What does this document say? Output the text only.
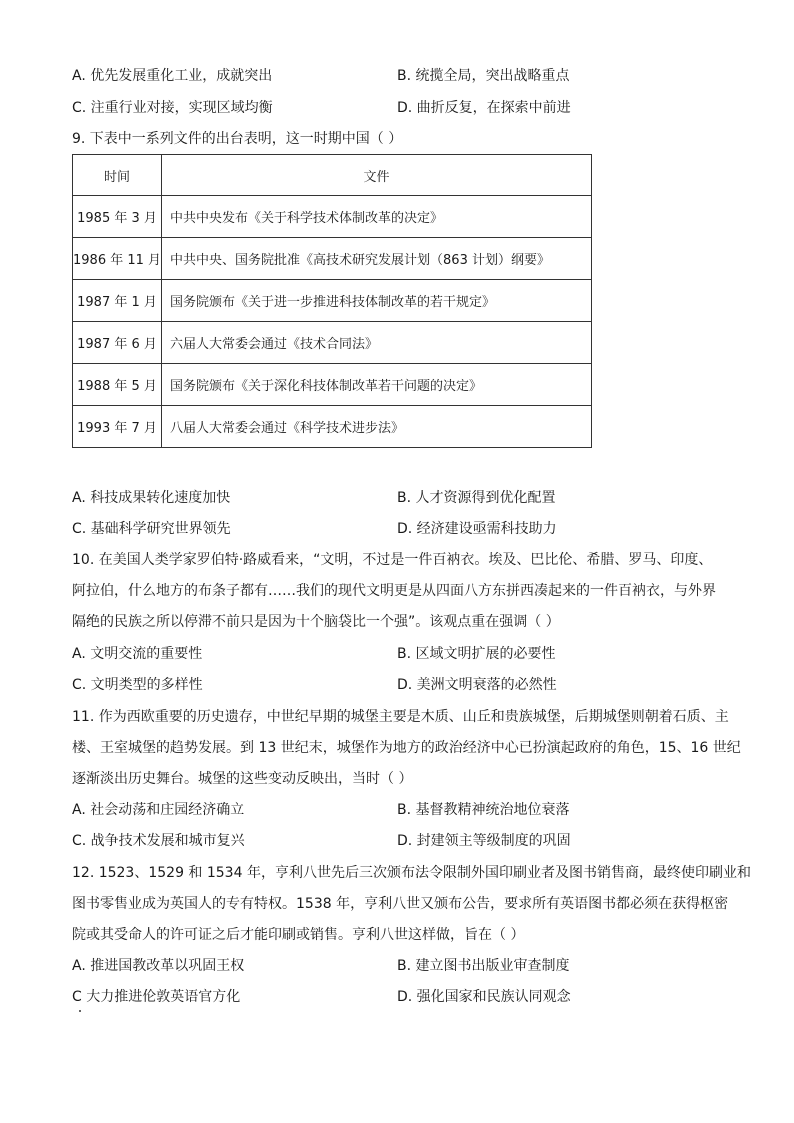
A. 优先发展重化工业，成就突出	B. 统揽全局，突出战略重点
C. 注重行业对接，实现区域均衡	D. 曲折反复，在探索中前进
9. 下表中一系列文件的出台表明，这一时期中国（ ）
时间	文件
1985 年 3 月	中共中央发布《关于科学技术体制改革的决定》
1986 年 11 月	中共中央、国务院批准《高技术研究发展计划（863 计划）纲要》
1987 年 1 月	国务院颁布《关于进一步推进科技体制改革的若干规定》
1987 年 6 月	六届人大常委会通过《技术合同法》
1988 年 5 月	国务院颁布《关于深化科技体制改革若干问题的决定》
1993 年 7 月	八届人大常委会通过《科学技术进步法》
A. 科技成果转化速度加快	B. 人才资源得到优化配置
C. 基础科学研究世界领先	D. 经济建设亟需科技助力
10. 在美国人类学家罗伯特·路威看来，“文明，不过是一件百衲衣。埃及、巴比伦、希腊、罗马、印度、
阿拉伯，什么地方的布条子都有……我们的现代文明更是从四面八方东拼西凑起来的一件百衲衣，与外界
隔绝的民族之所以停滞不前只是因为十个脑袋比一个强”。该观点重在强调（ ）
A. 文明交流的重要性	B. 区域文明扩展的必要性
C. 文明类型的多样性	D. 美洲文明衰落的必然性
11. 作为西欧重要的历史遗存，中世纪早期的城堡主要是木质、山丘和贵族城堡，后期城堡则朝着石质、主
楼、王室城堡的趋势发展。到 13 世纪末，城堡作为地方的政治经济中心已扮演起政府的角色，15、16 世纪
逐渐淡出历史舞台。城堡的这些变动反映出，当时（ ）
A. 社会动荡和庄园经济确立	B. 基督教精神统治地位衰落
C. 战争技术发展和城市复兴	D. 封建领主等级制度的巩固
12. 1523、1529 和 1534 年，亨利八世先后三次颁布法令限制外国印刷业者及图书销售商，最终使印刷业和
图书零售业成为英国人的专有特权。1538 年，亨利八世又颁布公告，要求所有英语图书都必须在获得枢密
院或其受命人的许可证之后才能印刷或销售。亨利八世这样做，旨在（ ）
A. 推进国教改革以巩固王权	B. 建立图书出版业审查制度
C 大力推进伦敦英语官方化	D. 强化国家和民族认同观念
